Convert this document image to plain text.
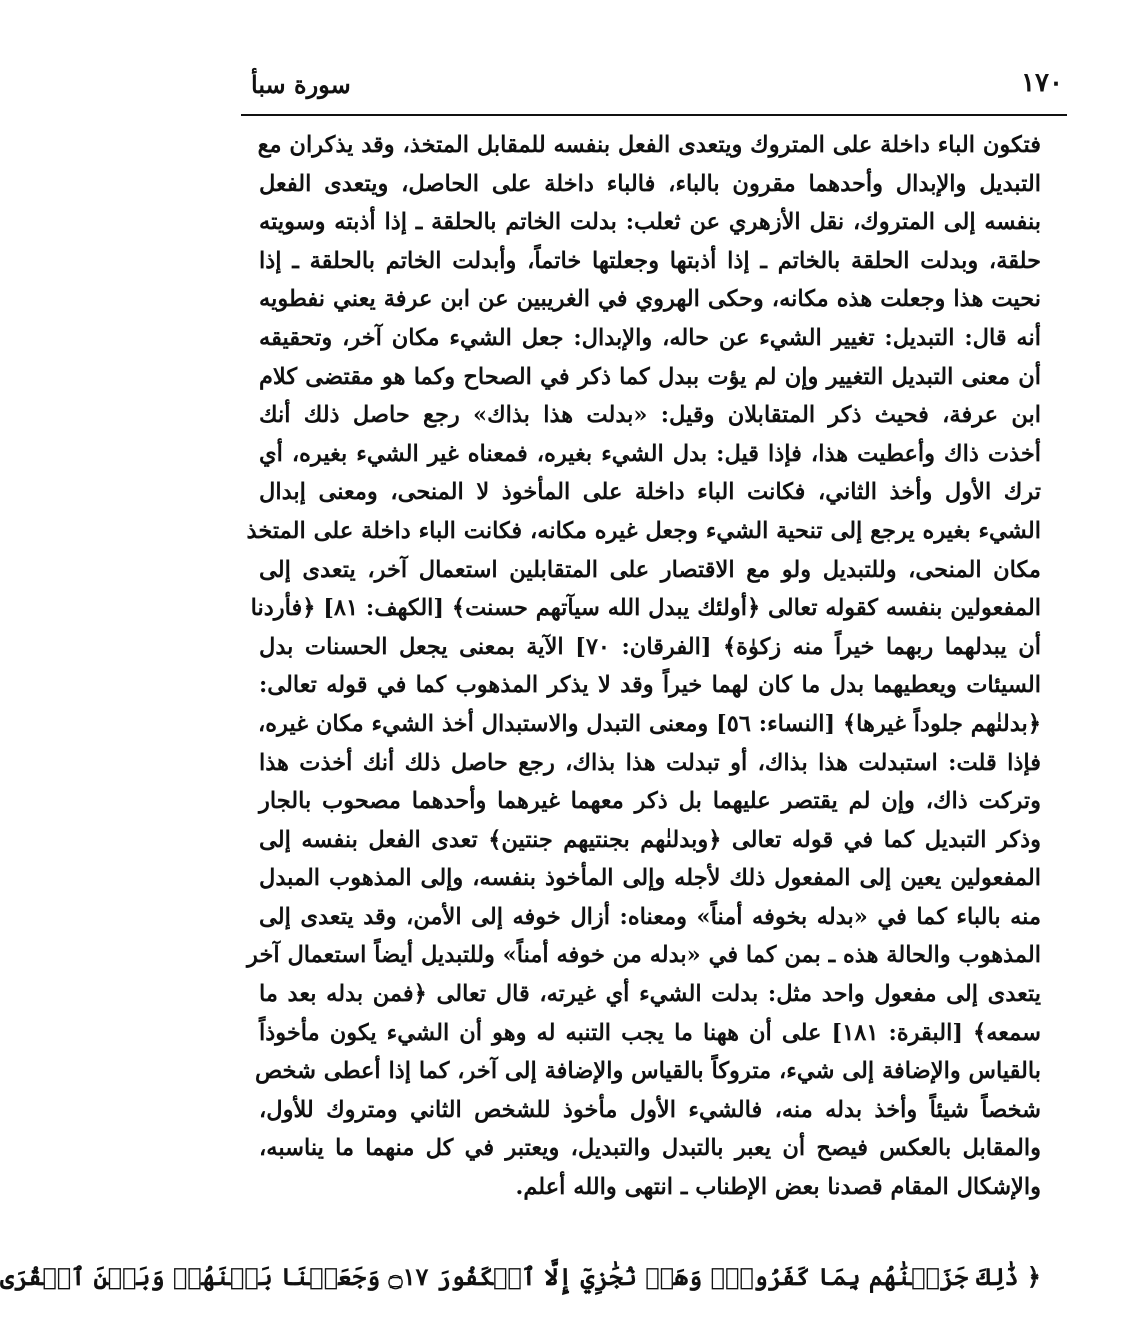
١٧٠
سورة سبأ
فتكون الباء داخلة على المتروك ويتعدى الفعل بنفسه للمقابل المتخذ، وقد يذكران مع
التبديل والإبدال وأحدهما مقرون بالباء، فالباء داخلة على الحاصل، ويتعدى الفعل
بنفسه إلى المتروك، نقل الأزهري عن ثعلب: بدلت الخاتم بالحلقة ـ إذا أذبته وسويته
حلقة، وبدلت الحلقة بالخاتم ـ إذا أذبتها وجعلتها خاتماً، وأبدلت الخاتم بالحلقة ـ إذا
نحيت هذا وجعلت هذه مكانه، وحكى الهروي في الغريبين عن ابن عرفة يعني نفطويه
أنه قال: التبديل: تغيير الشيء عن حاله، والإبدال: جعل الشيء مكان آخر، وتحقيقه
أن معنى التبديل التغيير وإن لم يؤت ببدل كما ذكر في الصحاح وكما هو مقتضى كلام
ابن عرفة، فحيث ذكر المتقابلان وقيل: «بدلت هذا بذاك» رجع حاصل ذلك أنك
أخذت ذاك وأعطيت هذا، فإذا قيل: بدل الشيء بغيره، فمعناه غير الشيء بغيره، أي
ترك الأول وأخذ الثاني، فكانت الباء داخلة على المأخوذ لا المنحى، ومعنى إبدال
الشيء بغيره يرجع إلى تنحية الشيء وجعل غيره مكانه، فكانت الباء داخلة على المتخذ
مكان المنحى، وللتبديل ولو مع الاقتصار على المتقابلين استعمال آخر، يتعدى إلى
المفعولين بنفسه كقوله تعالى ﴿أولئك يبدل الله سيآتهم حسنت﴾ [الكهف: ٨١] ﴿فأردنا
أن يبدلهما ربهما خيراً منه زكوٰة﴾ [الفرقان: ٧٠] الآية بمعنى يجعل الحسنات بدل
السيئات ويعطيهما بدل ما كان لهما خيراً وقد لا يذكر المذهوب كما في قوله تعالى:
﴿بدلنٰهم جلوداً غيرها﴾ [النساء: ٥٦] ومعنى التبدل والاستبدال أخذ الشيء مكان غيره،
فإذا قلت: استبدلت هذا بذاك، أو تبدلت هذا بذاك، رجع حاصل ذلك أنك أخذت هذا
وتركت ذاك، وإن لم يقتصر عليهما بل ذكر معهما غيرهما وأحدهما مصحوب بالجار
وذكر التبديل كما في قوله تعالى ﴿وبدلنٰهم بجنتيهم جنتين﴾ تعدى الفعل بنفسه إلى
المفعولين يعين إلى المفعول ذلك لأجله وإلى المأخوذ بنفسه، وإلى المذهوب المبدل
منه بالباء كما في «بدله بخوفه أمناً» ومعناه: أزال خوفه إلى الأمن، وقد يتعدى إلى
المذهوب والحالة هذه ـ بمن كما في «بدله من خوفه أمناً» وللتبديل أيضاً استعمال آخر
يتعدى إلى مفعول واحد مثل: بدلت الشيء أي غيرته، قال تعالى ﴿فمن بدله بعد ما
سمعه﴾ [البقرة: ١٨١] على أن ههنا ما يجب التنبه له وهو أن الشيء يكون مأخوذاً
بالقياس والإضافة إلى شيء، متروكاً بالقياس والإضافة إلى آخر، كما إذا أعطى شخص
شخصاً شيئاً وأخذ بدله منه، فالشيء الأول مأخوذ للشخص الثاني ومتروك للأول،
والمقابل بالعكس فيصح أن يعبر بالتبدل والتبديل، ويعتبر في كل منهما ما يناسبه،
والإشكال المقام قصدنا بعض الإطناب ـ انتهى والله أعلم.
﴿ ذَٰلِكَ جَزَيۡنَٰهُم بِمَا كَفَرُواْۖ وَهَلۡ نُجَٰزِيٓ إِلَّا ٱلۡكَفُورَ ۝١٧ وَجَعَلۡنَا بَيۡنَهُمۡ وَبَيۡنَ ٱلۡقُرَى
